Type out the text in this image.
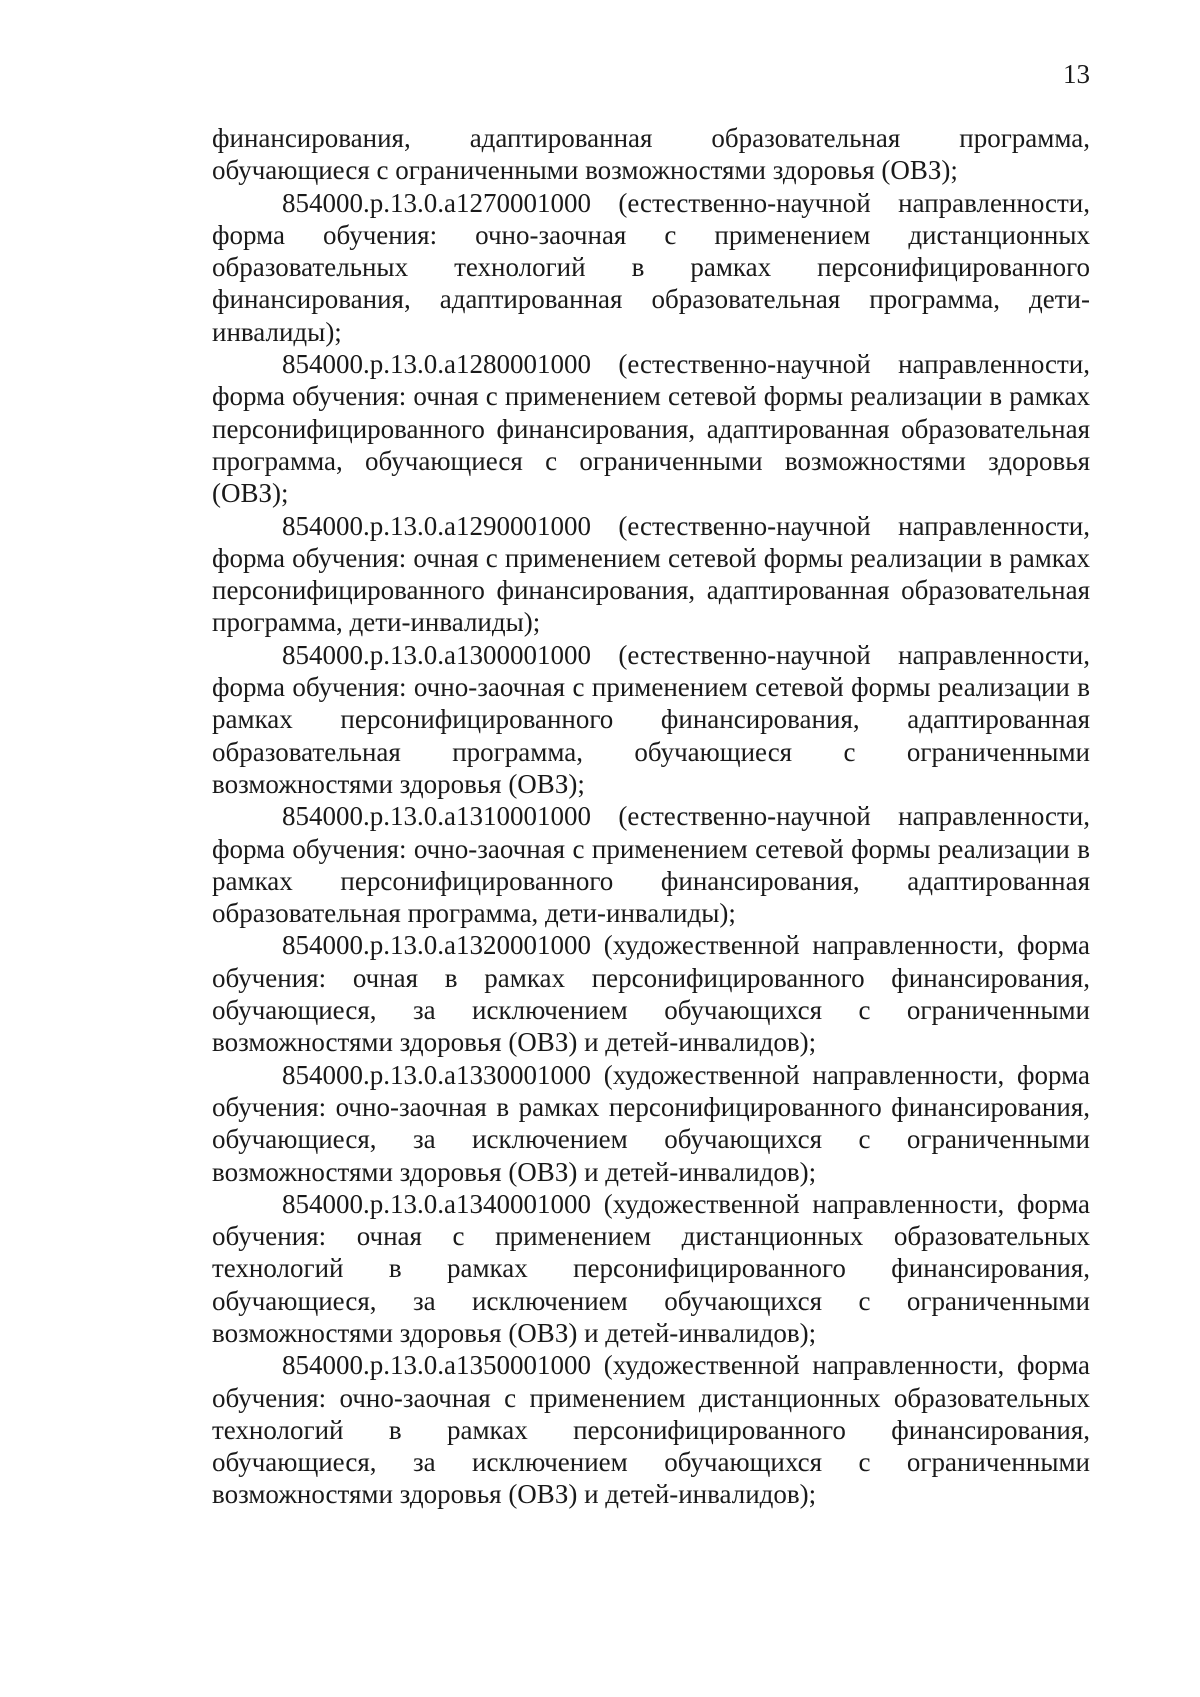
13

финансирования, адаптированная образовательная программа, обучающиеся с ограниченными возможностями здоровья (ОВЗ);

854000.р.13.0.а1270001000 (естественно-научной направленности, форма обучения: очно-заочная с применением дистанционных образовательных технологий в рамках персонифицированного финансирования, адаптированная образовательная программа, дети-инвалиды);

854000.р.13.0.а1280001000 (естественно-научной направленности, форма обучения: очная с применением сетевой формы реализации в рамках персонифицированного финансирования, адаптированная образовательная программа, обучающиеся с ограниченными возможностями здоровья (ОВЗ);

854000.р.13.0.а1290001000 (естественно-научной направленности, форма обучения: очная с применением сетевой формы реализации в рамках персонифицированного финансирования, адаптированная образовательная программа, дети-инвалиды);

854000.р.13.0.а1300001000 (естественно-научной направленности, форма обучения: очно-заочная с применением сетевой формы реализации в рамках персонифицированного финансирования, адаптированная образовательная программа, обучающиеся с ограниченными возможностями здоровья (ОВЗ);

854000.р.13.0.а1310001000 (естественно-научной направленности, форма обучения: очно-заочная с применением сетевой формы реализации в рамках персонифицированного финансирования, адаптированная образовательная программа, дети-инвалиды);

854000.р.13.0.а1320001000 (художественной направленности, форма обучения: очная в рамках персонифицированного финансирования, обучающиеся, за исключением обучающихся с ограниченными возможностями здоровья (ОВЗ) и детей-инвалидов);

854000.р.13.0.а1330001000 (художественной направленности, форма обучения: очно-заочная в рамках персонифицированного финансирования, обучающиеся, за исключением обучающихся с ограниченными возможностями здоровья (ОВЗ) и детей-инвалидов);

854000.р.13.0.а1340001000 (художественной направленности, форма обучения: очная с применением дистанционных образовательных технологий в рамках персонифицированного финансирования, обучающиеся, за исключением обучающихся с ограниченными возможностями здоровья (ОВЗ) и детей-инвалидов);

854000.р.13.0.а1350001000 (художественной направленности, форма обучения: очно-заочная с применением дистанционных образовательных технологий в рамках персонифицированного финансирования, обучающиеся, за исключением обучающихся с ограниченными возможностями здоровья (ОВЗ) и детей-инвалидов);
